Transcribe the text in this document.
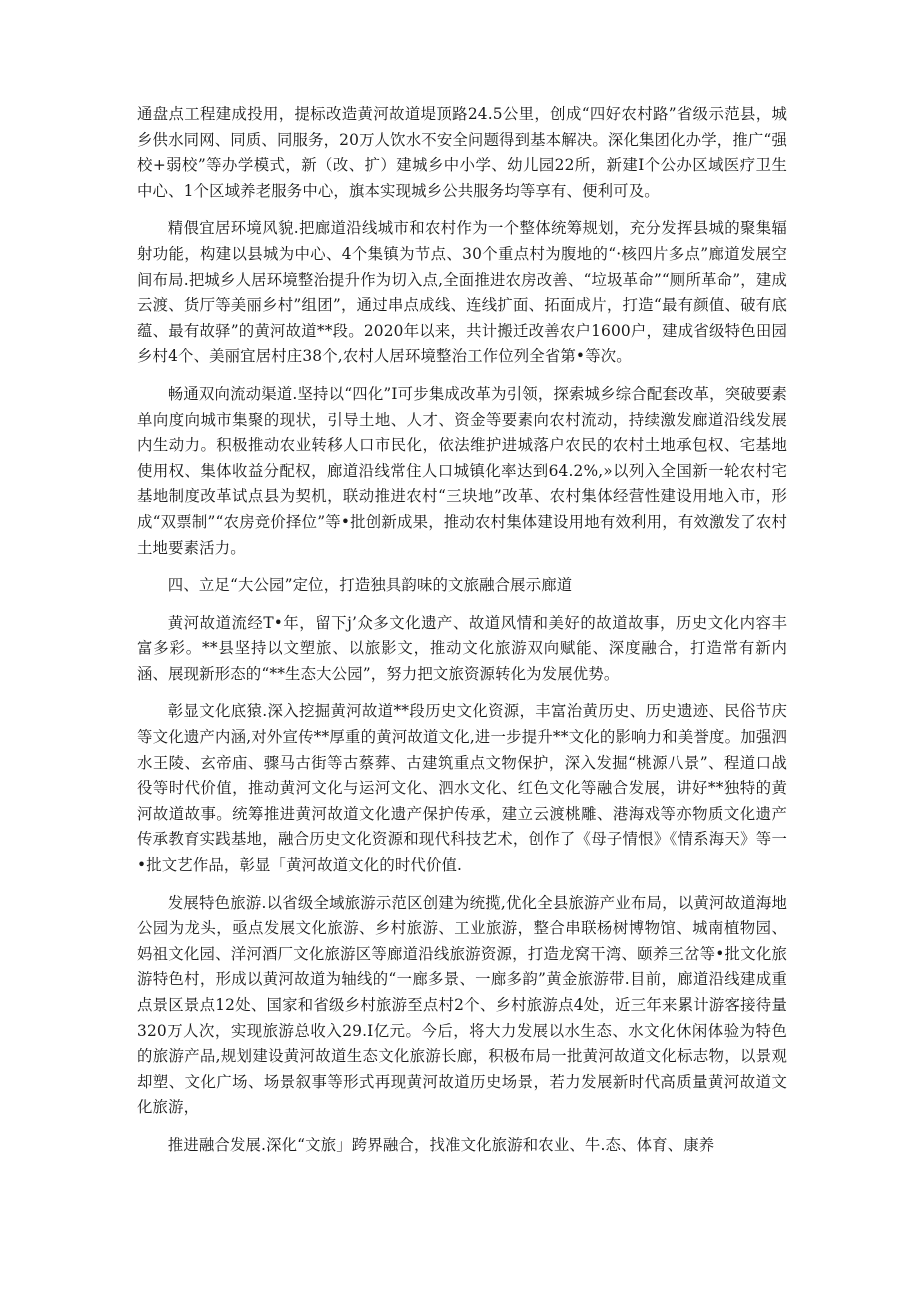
通盘点工程建成投用，提标改造黄河故道堤顶路24.5公里，创成“四好农村路”省级示范县，城乡供水同网、同质、同服务，20万人饮水不安全问题得到基本解决。深化集团化办学，推广“强校+弱校”等办学模式，新（改、扩）建城乡中小学、幼儿园22所，新建I个公办区域医疗卫生中心、1个区域养老服务中心，旗本实现城乡公共服务均等享有、便利可及。

精偎宜居环境风貌.把廊道沿线城市和农村作为一个整体统筹规划，充分发挥县城的聚集辐射功能，构建以县城为中心、4个集镇为节点、30个重点村为腹地的“·核四片多点”廊道发展空间布局.把城乡人居环境整治提升作为切入点,全面推进农房改善、“垃圾革命”“厕所革命”，建成云渡、货厅等美丽乡村”组团”，通过串点成线、连线扩面、拓面成片，打造“最有颜值、破有底蕴、最有故驿”的黄河故道**段。2020年以来，共计搬迁改善农户1600户，建成省级特色田园乡村4个、美丽宜居村庄38个,农村人居环境整治工作位列全省第•等次。

畅通双向流动渠道.坚持以“四化”I可步集成改革为引领，探索城乡综合配套改革，突破要素单向度向城市集聚的现状，引导土地、人才、资金等要素向农村流动，持续激发廊道沿线发展内生动力。积极推动农业转移人口市民化，依法维护进城落户农民的农村土地承包权、宅基地使用权、集体收益分配权，廊道沿线常住人口城镇化率达到64.2%,»以列入全国新一轮农村宅基地制度改革试点县为契机，联动推进农村“三块地”改革、农村集体经营性建设用地入市，形成“双票制”“农房竞价择位”等•批创新成果，推动农村集体建设用地有效利用，有效激发了农村土地要素活力。

四、立足“大公园”定位，打造独具韵味的文旅融合展示廊道

黄河故道流经T•年，留下j’众多文化遗产、故道风情和美好的故道故事，历史文化内容丰富多彩。**县坚持以文塑旅、以旅影文，推动文化旅游双向赋能、深度融合，打造常有新内涵、展现新形态的“**生态大公园”，努力把文旅资源转化为发展优势。

彰显文化底猿.深入挖掘黄河故道**段历史文化资源，丰富治黄历史、历史遗迹、民俗节庆等文化遗产内涵,对外宣传**厚重的黄河故道文化,进一步提升**文化的影响力和美誉度。加强泗水王陵、玄帝庙、骤马古街等古蔡葬、古建筑重点文物保护，深入发掘“桃源八景”、程道口战役等时代价值，推动黄河文化与运河文化、泗水文化、红色文化等融合发展，讲好**独特的黄河故道故事。统筹推进黄河故道文化遗产保护传承，建立云渡桃雕、港海戏等亦物质文化遗产传承教育实践基地，融合历史文化资源和现代科技艺术，创作了《母子情恨》《情系海天》等一•批文艺作品，彰显「黄河故道文化的时代价值.

发展特色旅游.以省级全域旅游示范区创建为统揽,优化全县旅游产业布局，以黄河故道海地公园为龙头，亟点发展文化旅游、乡村旅游、工业旅游，整合串联杨树博物馆、城南植物园、妈祖文化园、洋河酒厂文化旅游区等廊道沿线旅游资源，打造龙窝干湾、颐养三岔等•批文化旅游特色村，形成以黄河故道为轴线的“一廊多景、一廊多韵”黄金旅游带.目前，廊道沿线建成重点景区景点12处、国家和省级乡村旅游至点村2个、乡村旅游点4处，近三年来累计游客接待量320万人次，实现旅游总收入29.I亿元。今后，将大力发展以水生态、水文化休闲体验为特色的旅游产品,规划建设黄河故道生态文化旅游长廊，积极布局一批黄河故道文化标志物，以景观却塑、文化广场、场景叙事等形式再现黄河故道历史场景，若力发展新时代高质量黄河故道文化旅游，

推进融合发展.深化“文旅」跨界融合，找准文化旅游和农业、牛.态、体育、康养
